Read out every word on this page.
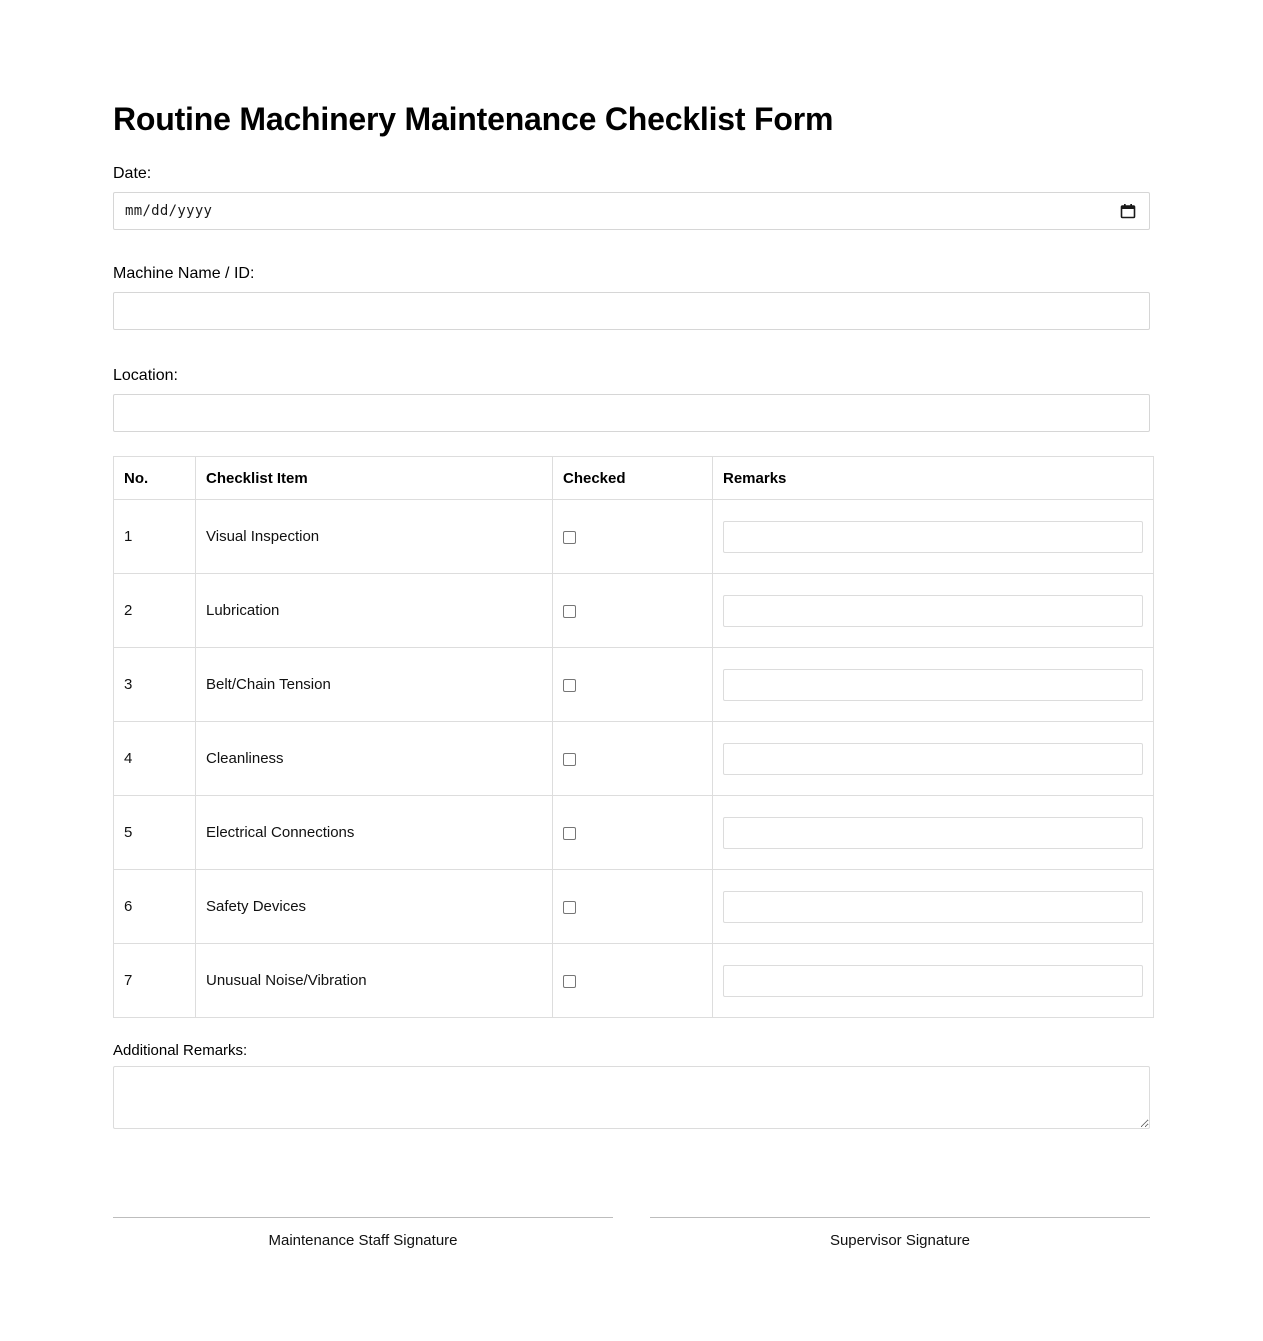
Routine Machinery Maintenance Checklist Form
Date:
mm/dd/yyyy
Machine Name / ID:
Location:
No.	Checklist Item	Checked	Remarks
1	Visual Inspection		
2	Lubrication		
3	Belt/Chain Tension		
4	Cleanliness		
5	Electrical Connections		
6	Safety Devices		
7	Unusual Noise/Vibration		
Additional Remarks:
Maintenance Staff Signature	Supervisor Signature
